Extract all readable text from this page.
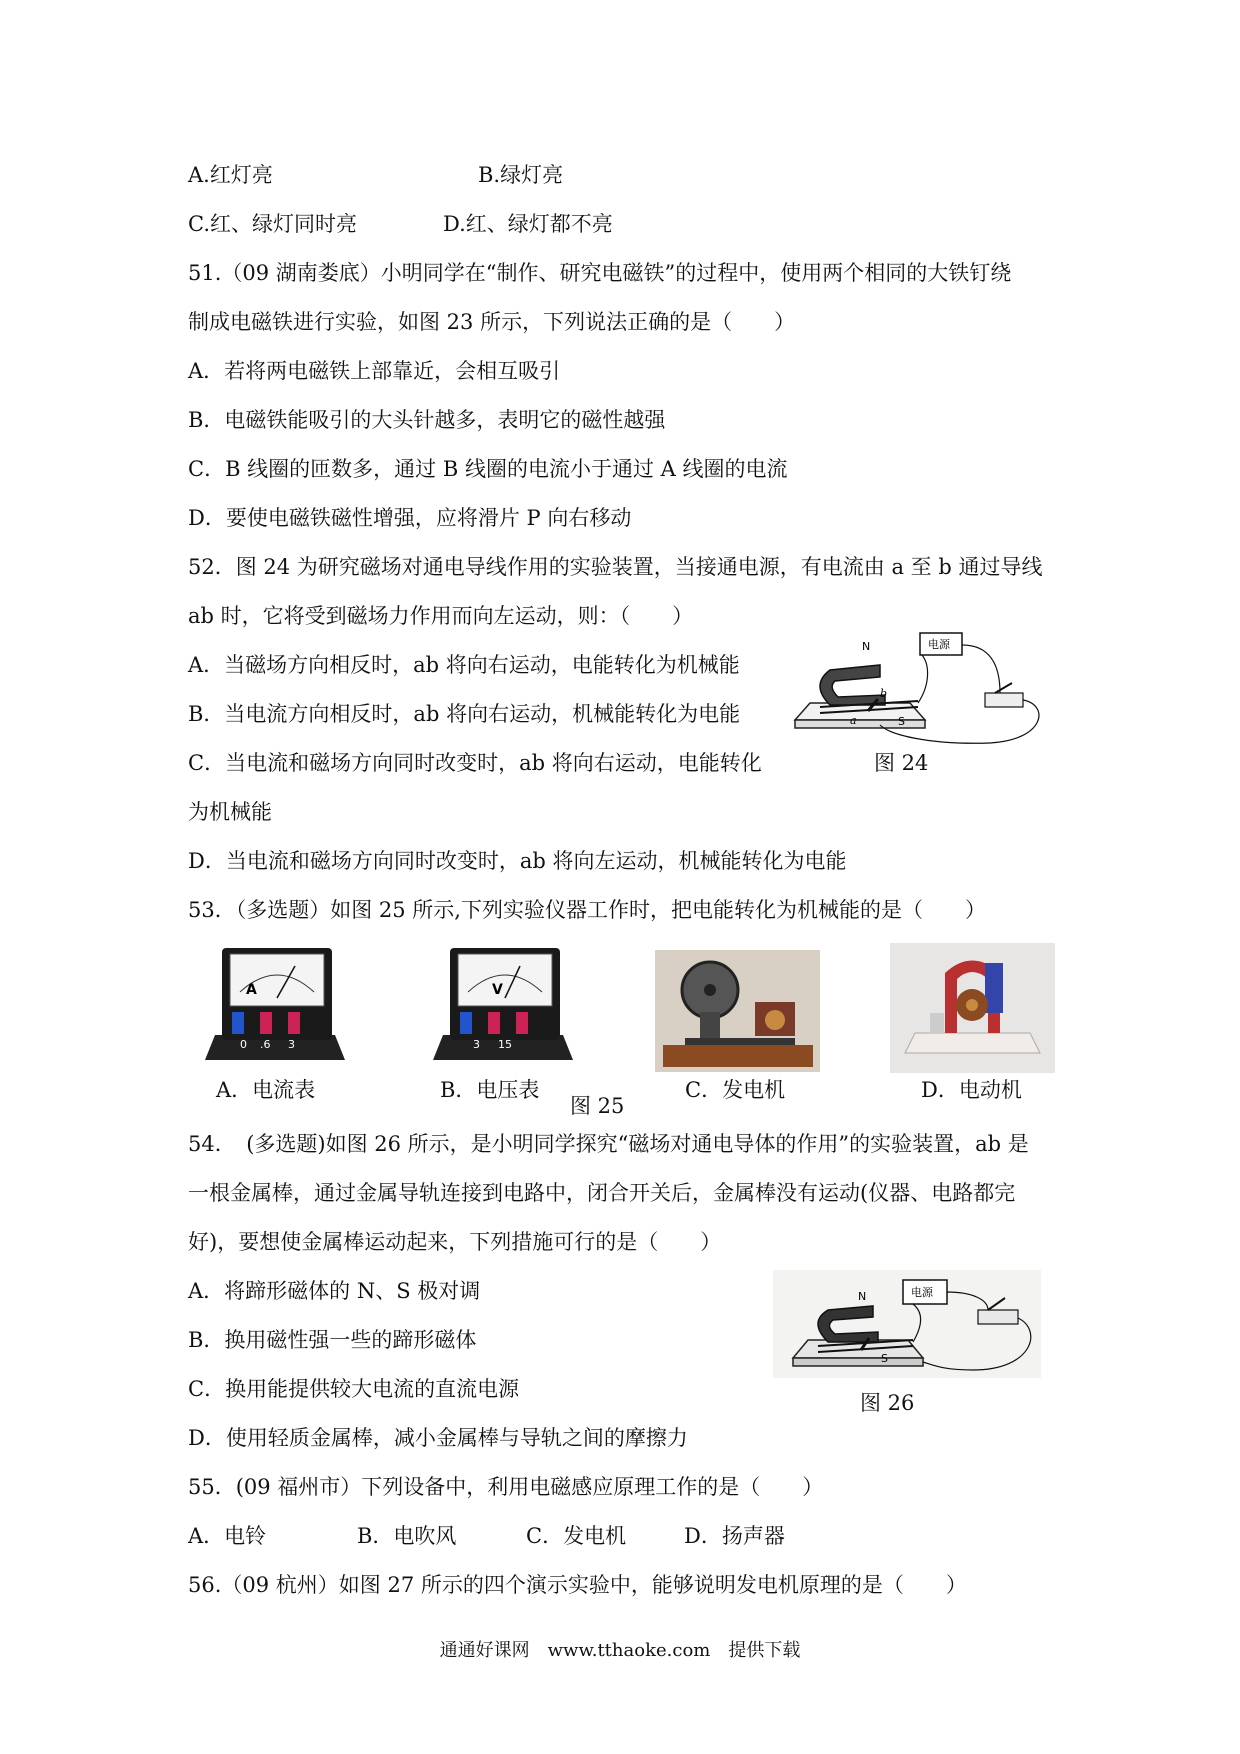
A.红灯亮	B.绿灯亮
C.红、绿灯同时亮	D.红、绿灯都不亮
51.（09 湖南娄底）小明同学在“制作、研究电磁铁”的过程中，使用两个相同的大铁钉绕
制成电磁铁进行实验，如图 23 所示，下列说法正确的是（　　）
A．若将两电磁铁上部靠近，会相互吸引
B．电磁铁能吸引的大头针越多，表明它的磁性越强
C．B 线圈的匝数多，通过 B 线圈的电流小于通过 A 线圈的电流
D．要使电磁铁磁性增强，应将滑片 P 向右移动
52．图 24 为研究磁场对通电导线作用的实验装置，当接通电源，有电流由 a 至 b 通过导线
ab 时，它将受到磁场力作用而向左运动，则：（　　）
A．当磁场方向相反时，ab 将向右运动，电能转化为机械能
B．当电流方向相反时，ab 将向右运动，机械能转化为电能
C．当电流和磁场方向同时改变时，ab 将向右运动，电能转化
为机械能
D．当电流和磁场方向同时改变时，ab 将向左运动，机械能转化为电能
N
S
a
b
电源
图 24
53．（多选题）如图 25 所示,下列实验仪器工作时，把电能转化为机械能的是（　　）
A
0 .6 3
V
3 15
A．电流表	B．电压表
图 25
C．发电机	D．电动机
54．　(多选题)如图 26 所示，是小明同学探究“磁场对通电导体的作用”的实验装置，ab 是
一根金属棒，通过金属导轨连接到电路中，闭合开关后，金属棒没有运动(仪器、电路都完
好)，要想使金属棒运动起来，下列措施可行的是（　　）
A．将蹄形磁体的 N、S 极对调
B．换用磁性强一些的蹄形磁体
C．换用能提供较大电流的直流电源
D．使用轻质金属棒，减小金属棒与导轨之间的摩擦力
N
S
电源
图 26
55．(09 福州市）下列设备中，利用电磁感应原理工作的是（　　）
A．电铃	B．电吹风	C．发电机	D．扬声器
56.（09 杭州）如图 27 所示的四个演示实验中，能够说明发电机原理的是（　　）
通通好课网　www.tthaoke.com　提供下载
